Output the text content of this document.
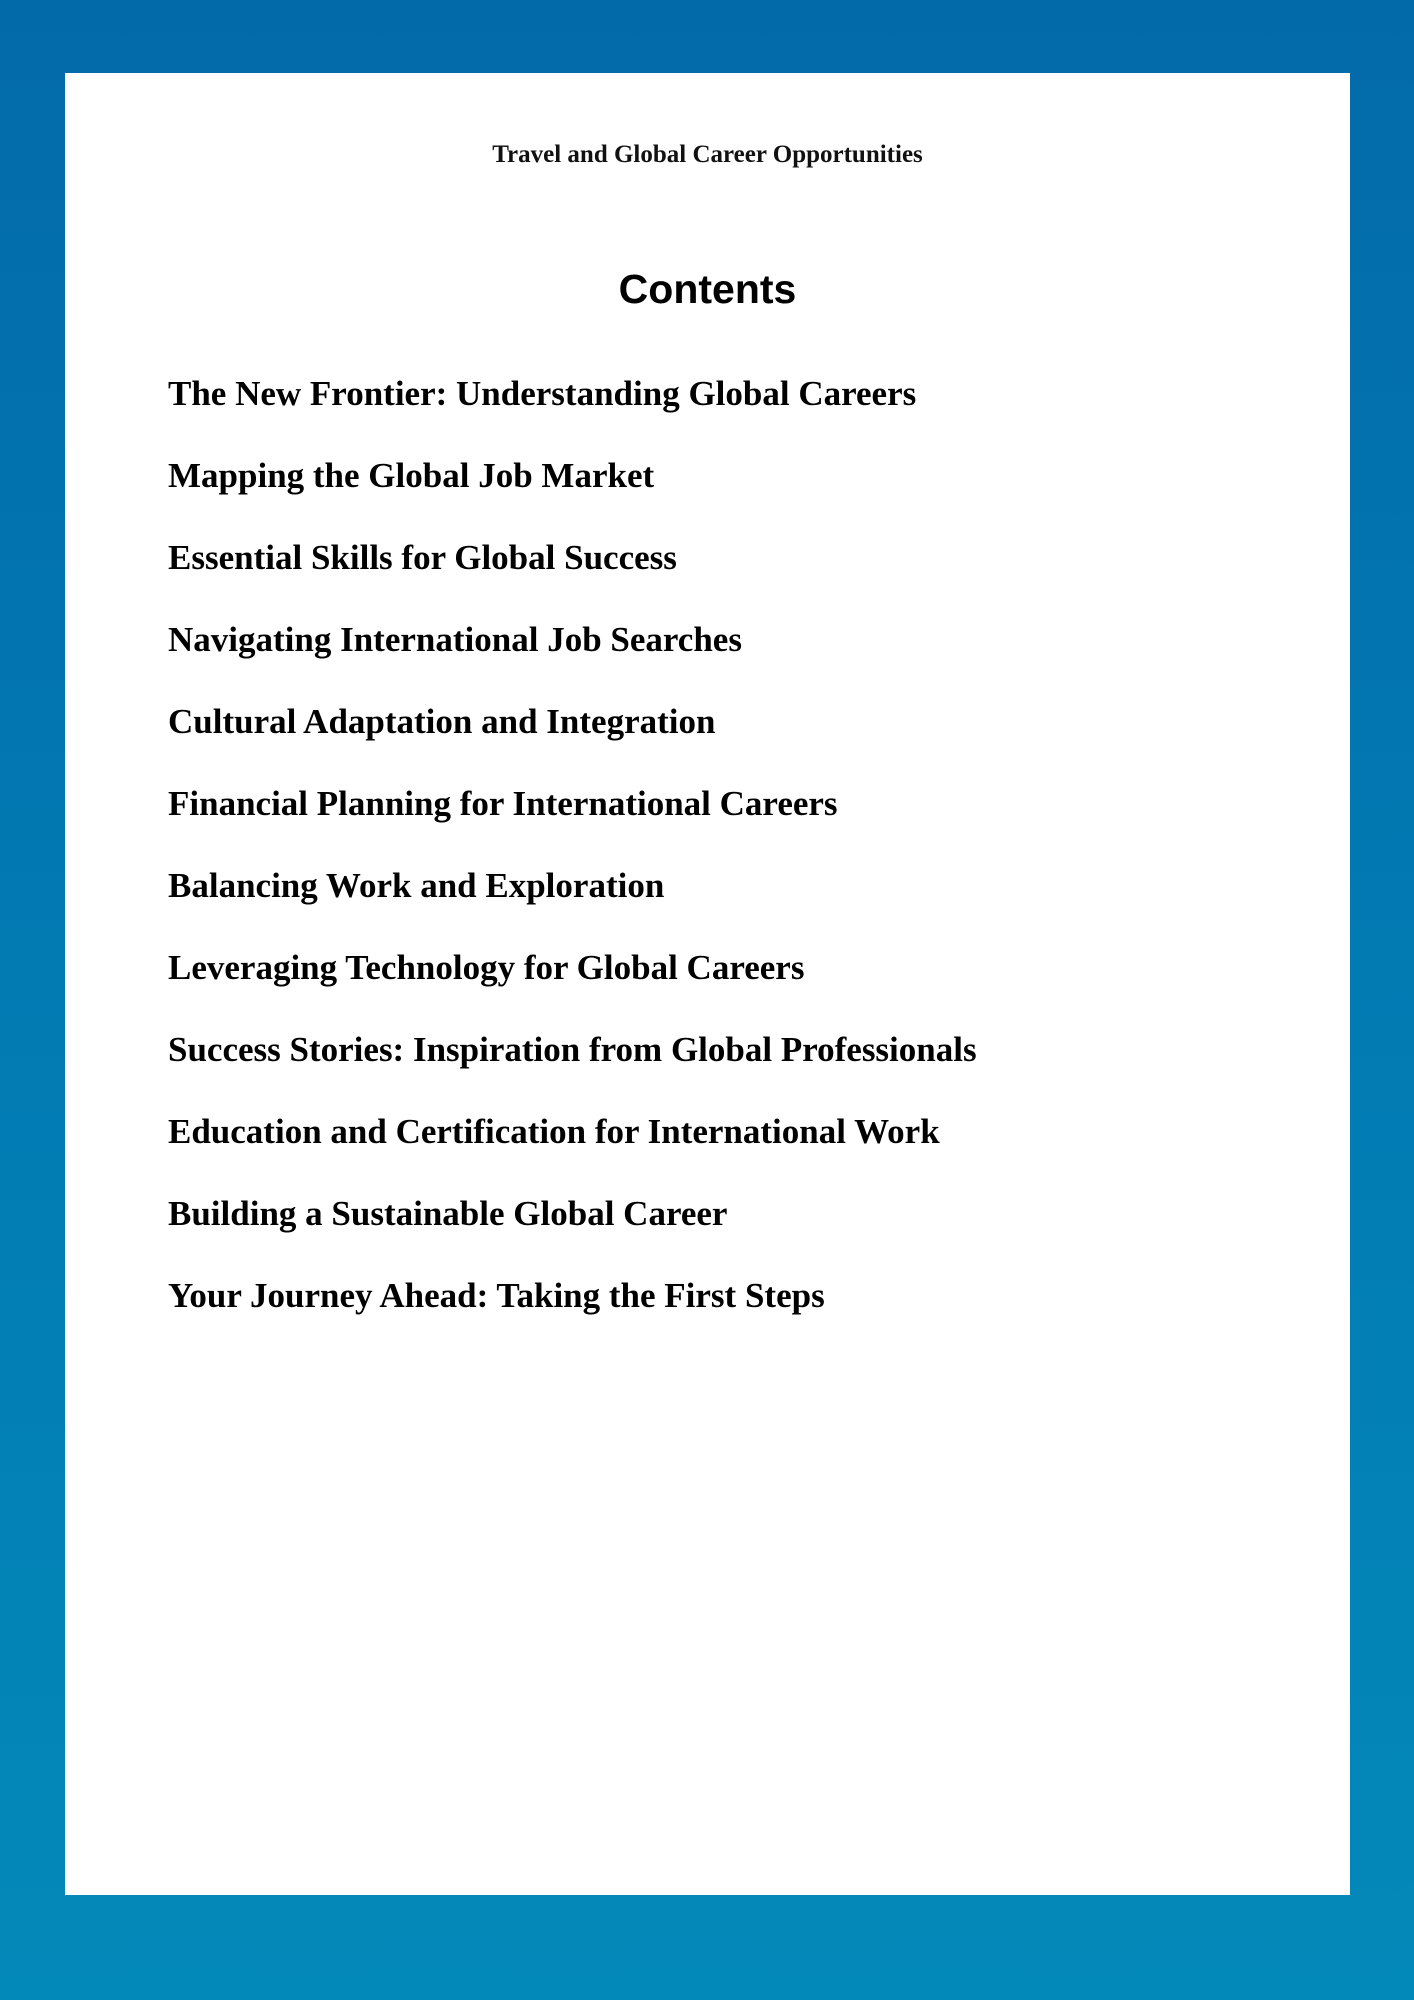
Travel and Global Career Opportunities

Contents
The New Frontier: Understanding Global Careers
Mapping the Global Job Market
Essential Skills for Global Success
Navigating International Job Searches
Cultural Adaptation and Integration
Financial Planning for International Careers
Balancing Work and Exploration
Leveraging Technology for Global Careers
Success Stories: Inspiration from Global Professionals
Education and Certification for International Work
Building a Sustainable Global Career
Your Journey Ahead: Taking the First Steps
